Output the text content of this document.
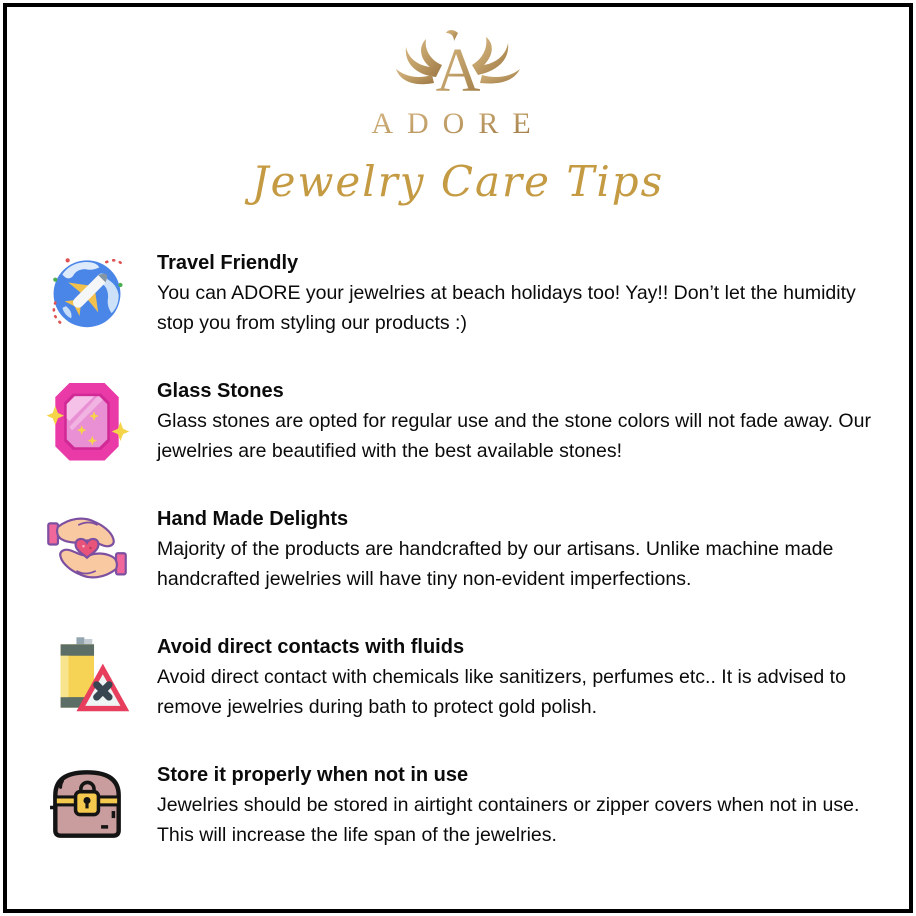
A
ADORE
Jewelry Care Tips
Travel Friendly

You can ADORE your jewelries at beach holidays too! Yay!! Don’t let the humidity stop you from styling our products :)

Glass Stones

Glass stones are opted for regular use and the stone colors will not fade away. Our jewelries are beautified with the best available stones!

Hand Made Delights

Majority of the products are handcrafted by our artisans. Unlike machine made handcrafted jewelries will have tiny non-evident imperfections.

Avoid direct contacts with fluids

Avoid direct contact with chemicals like sanitizers, perfumes etc.. It is advised to remove jewelries during bath to protect gold polish.

Store it properly when not in use

Jewelries should be stored in airtight containers or zipper covers when not in use. This will increase the life span of the jewelries.
